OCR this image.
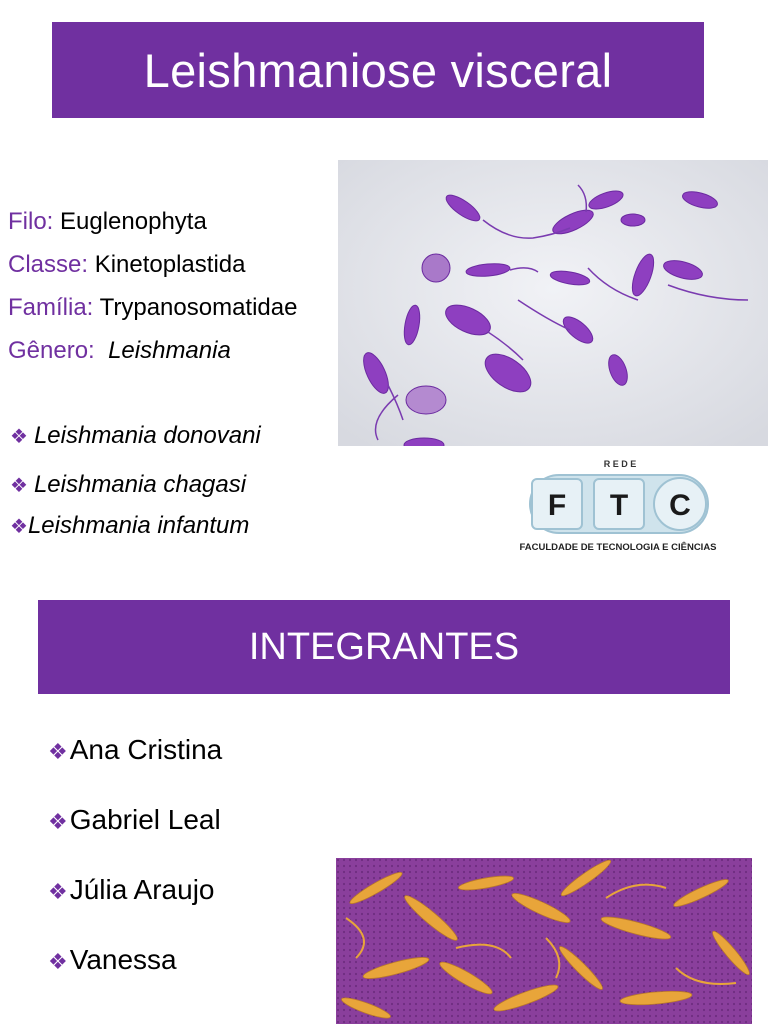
Leishmaniose visceral
Filo: Euglenophyta
Classe: Kinetoplastida
Família: Trypanosomatidae
Gênero: Leishmania
❖ Leishmania donovani
❖ Leishmania chagasi
❖Leishmania infantum
R E D E
F T C
FACULDADE DE TECNOLOGIA E CIÊNCIAS
INTEGRANTES
❖Ana Cristina
❖Gabriel Leal
❖Júlia Araujo
❖Vanessa
